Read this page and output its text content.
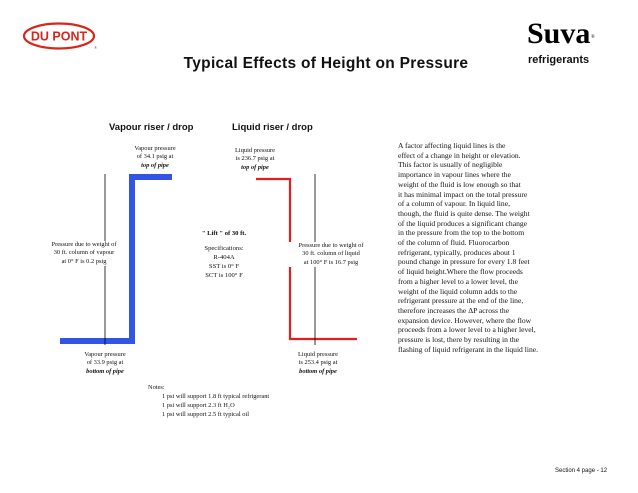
DU PONT
®	Suva ®
refrigerants
Typical Effects of Height on Pressure
Vapour riser / drop	Liquid riser / drop
Vapour pressure
of 34.1 psig at
top of pipe
Pressure due to weight of
30 ft. column of vapour
at 0° F is 0.2 psig
Vapour pressure
of 33.9 psig at
bottom of pipe
" Lift " of 30 ft.
Specifications:
R-404A
SST is 0° F
SCT is 100° F
Liquid pressure
is 236.7 psig at
top of pipe
Pressure due to weight of
30 ft. column of liquid
at 100° F is 16.7 psig
Liquid pressure
is 253.4 psig at
bottom of pipe
A factor affecting liquid lines is the
effect of a change in height or elevation.
This factor is usually of negligible
importance in vapour lines where the
weight of the fluid is low enough so that
it has minimal impact on the total pressure
of a column of vapour. In liquid line,
though, the fluid is quite dense. The weight
of the liquid produces a significant change
in the pressure from the top to the bottom
of the column of fluid. Fluorocarbon
refrigerant, typically, produces about 1
pound change in pressure for every 1.8 feet
of liquid height.Where the flow proceeds
from a higher level to a lower level, the
weight of the liquid column adds to the
refrigerant pressure at the end of the line,
therefore increases the ΔP across the
expansion device. However, where the flow
proceeds from a lower level to a higher level,
pressure is lost, there by resulting in the
flashing of liquid refrigerant in the liquid line.
Notes:
1 psi will support 1.8 ft typical refrigerant
1 psi will support 2.3 ft H₂O
1 psi will support 2.5 ft typical oil
Section 4 page - 12
